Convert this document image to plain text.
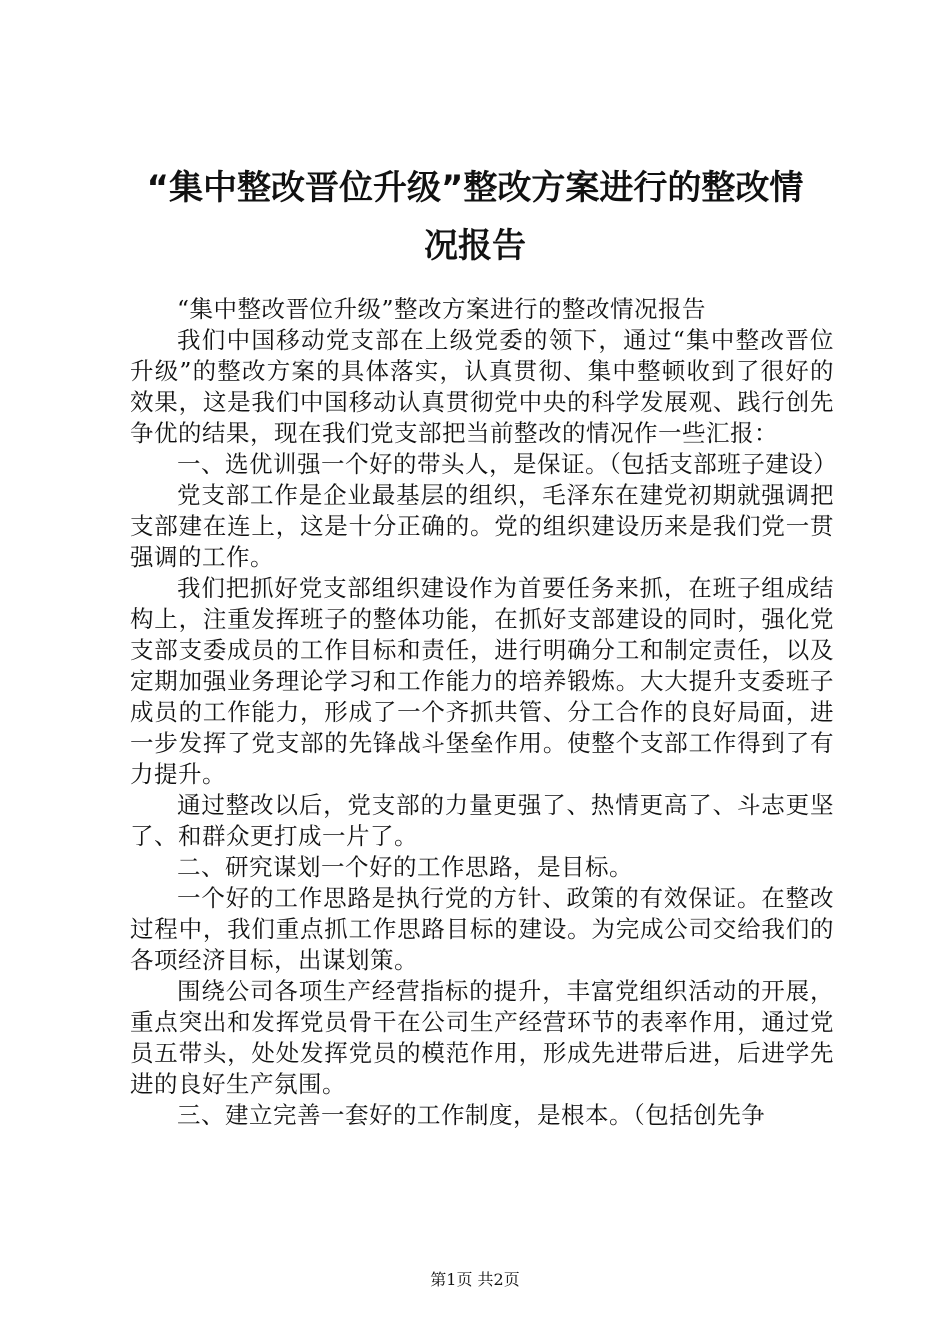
“集中整改晋位升级”整改方案进行的整改情
况报告

“集中整改晋位升级”整改方案进行的整改情况报告

我们中国移动党支部在上级党委的领下，通过“集中整改晋位升级”的整改方案的具体落实，认真贯彻、集中整顿收到了很好的效果，这是我们中国移动认真贯彻党中央的科学发展观、践行创先争优的结果，现在我们党支部把当前整改的情况作一些汇报：

一、选优训强一个好的带头人，是保证。（包括支部班子建设）

党支部工作是企业最基层的组织，毛泽东在建党初期就强调把支部建在连上，这是十分正确的。党的组织建设历来是我们党一贯强调的工作。

我们把抓好党支部组织建设作为首要任务来抓，在班子组成结构上，注重发挥班子的整体功能，在抓好支部建设的同时，强化党支部支委成员的工作目标和责任，进行明确分工和制定责任，以及定期加强业务理论学习和工作能力的培养锻炼。大大提升支委班子成员的工作能力，形成了一个齐抓共管、分工合作的良好局面，进一步发挥了党支部的先锋战斗堡垒作用。使整个支部工作得到了有力提升。

通过整改以后，党支部的力量更强了、热情更高了、斗志更坚了、和群众更打成一片了。

二、研究谋划一个好的工作思路，是目标。

一个好的工作思路是执行党的方针、政策的有效保证。在整改过程中，我们重点抓工作思路目标的建设。为完成公司交给我们的各项经济目标，出谋划策。

围绕公司各项生产经营指标的提升，丰富党组织活动的开展，重点突出和发挥党员骨干在公司生产经营环节的表率作用，通过党员五带头，处处发挥党员的模范作用，形成先进带后进，后进学先进的良好生产氛围。

三、建立完善一套好的工作制度，是根本。（包括创先争

第1页 共2页
